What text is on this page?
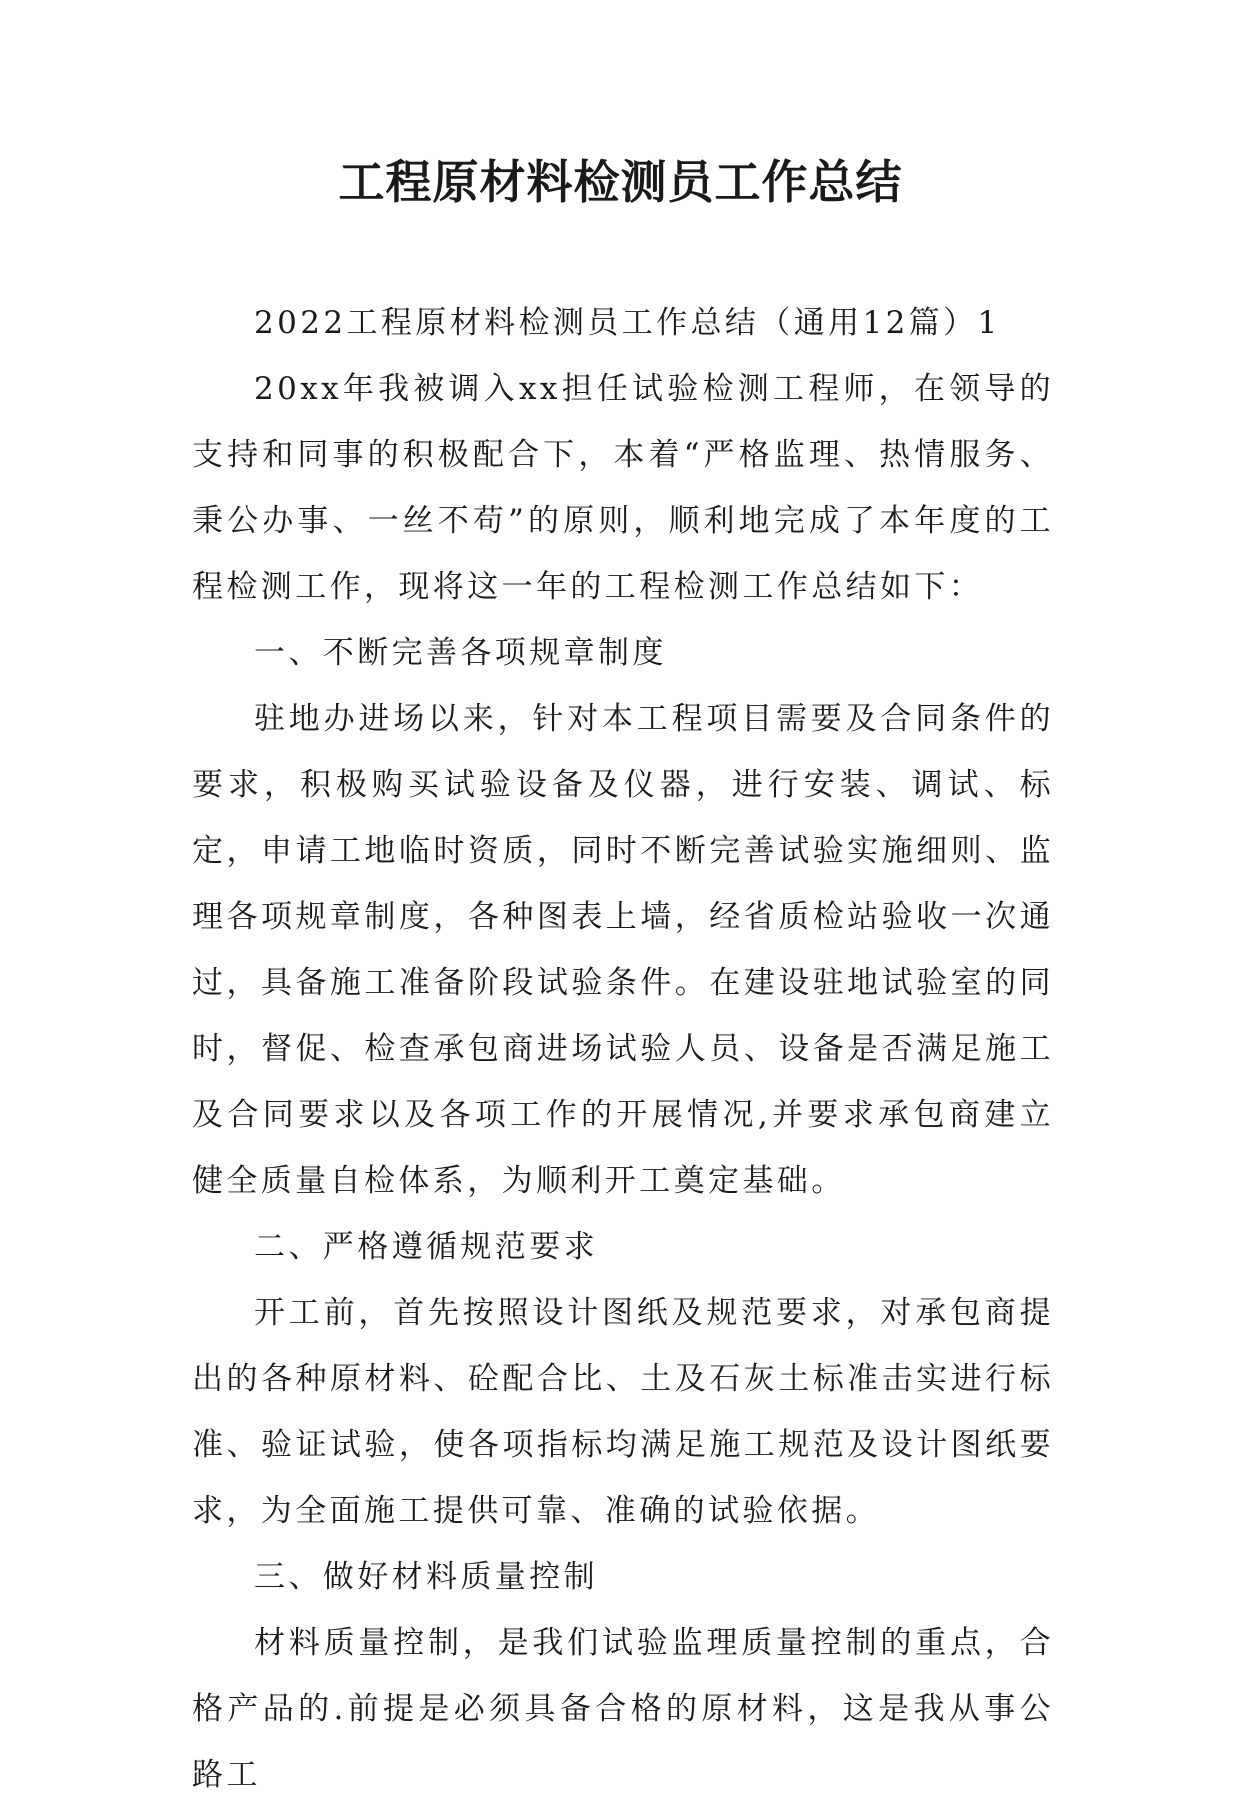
工程原材料检测员工作总结

2022工程原材料检测员工作总结（通用12篇）1

20xx年我被调入xx担任试验检测工程师，在领导的支持和同事的积极配合下，本着“严格监理、热情服务、秉公办事、一丝不苟”的原则，顺利地完成了本年度的工程检测工作，现将这一年的工程检测工作总结如下：

一、不断完善各项规章制度

驻地办进场以来，针对本工程项目需要及合同条件的要求，积极购买试验设备及仪器，进行安装、调试、标定，申请工地临时资质，同时不断完善试验实施细则、监理各项规章制度，各种图表上墙，经省质检站验收一次通过，具备施工准备阶段试验条件。在建设驻地试验室的同时，督促、检查承包商进场试验人员、设备是否满足施工及合同要求以及各项工作的开展情况,并要求承包商建立健全质量自检体系，为顺利开工奠定基础。

二、严格遵循规范要求

开工前，首先按照设计图纸及规范要求，对承包商提出的各种原材料、砼配合比、土及石灰土标准击实进行标准、验证试验，使各项指标均满足施工规范及设计图纸要求，为全面施工提供可靠、准确的试验依据。

三、做好材料质量控制

材料质量控制，是我们试验监理质量控制的重点，合格产品的.前提是必须具备合格的原材料，这是我从事公路工
